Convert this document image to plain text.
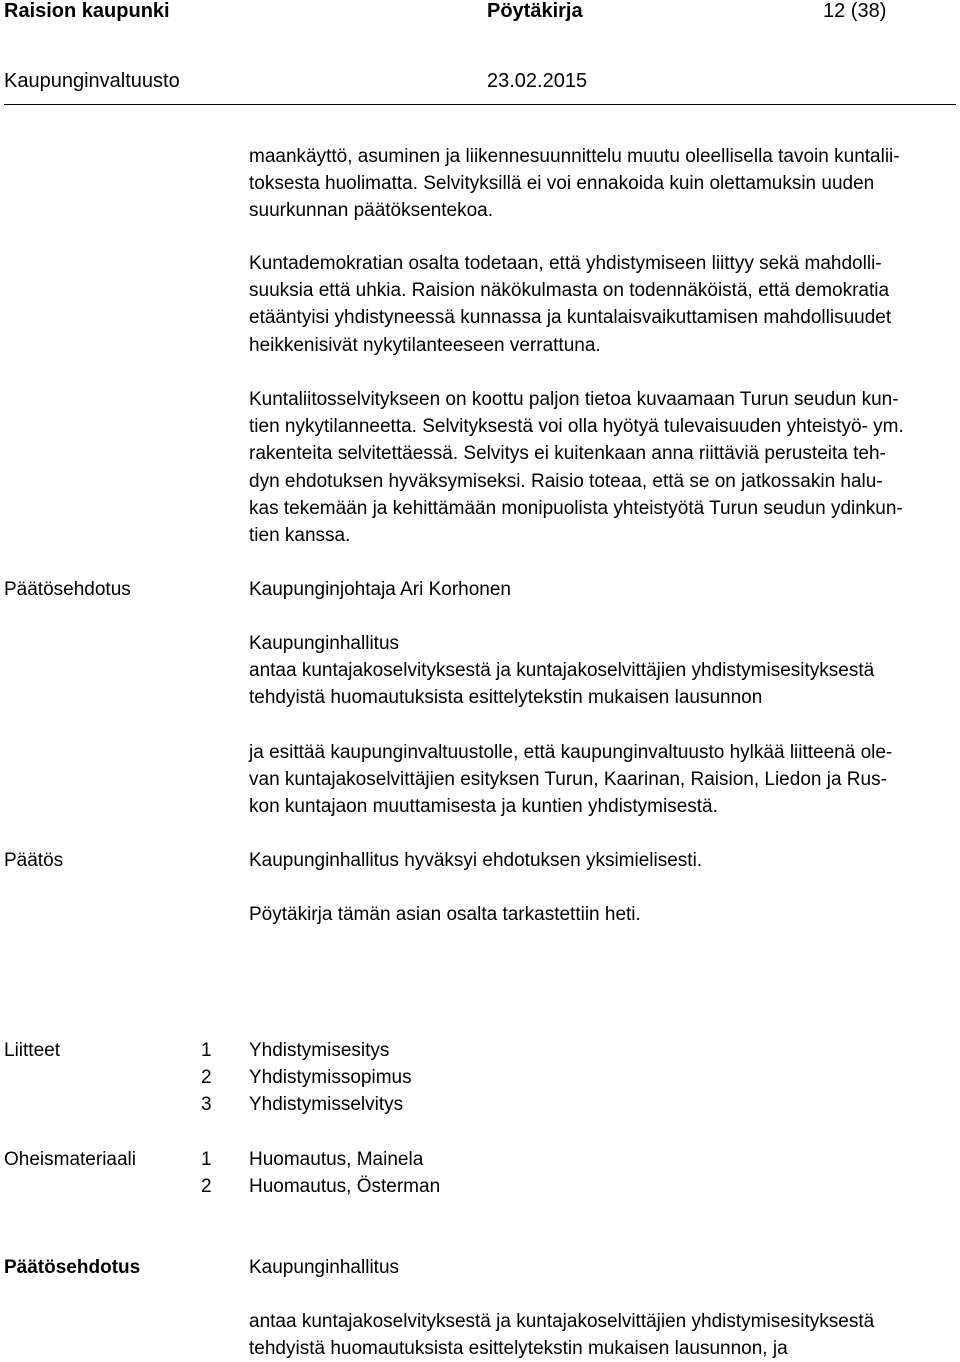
Raision kaupunki	Pöytäkirja	12 (38)
Kaupunginvaltuusto	23.02.2015
maankäyttö, asuminen ja liikennesuunnittelu muutu oleellisella tavoin kuntalii-
toksesta huolimatta. Selvityksillä ei voi ennakoida kuin olettamuksin uuden
suurkunnan päätöksentekoa.
Kuntademokratian osalta todetaan, että yhdistymiseen liittyy sekä mahdolli-
suuksia että uhkia. Raision näkökulmasta on todennäköistä, että demokratia
etääntyisi yhdistyneessä kunnassa ja kuntalaisvaikuttamisen mahdollisuudet
heikkenisivät nykytilanteeseen verrattuna.
Kuntaliitosselvitykseen on koottu paljon tietoa kuvaamaan Turun seudun kun-
tien nykytilanneetta. Selvityksestä voi olla hyötyä tulevaisuuden yhteistyö- ym.
rakenteita selvitettäessä. Selvitys ei kuitenkaan anna riittäviä perusteita teh-
dyn ehdotuksen hyväksymiseksi. Raisio toteaa, että se on jatkossakin halu-
kas tekemään ja kehittämään monipuolista yhteistyötä Turun seudun ydinkun-
tien kanssa.
Päätösehdotus	Kaupunginjohtaja Ari Korhonen
Kaupunginhallitus
antaa kuntajakoselvityksestä ja kuntajakoselvittäjien yhdistymisesityksestä
tehdyistä huomautuksista esittelytekstin mukaisen lausunnon
ja esittää kaupunginvaltuustolle, että kaupunginvaltuusto hylkää liitteenä ole-
van kuntajakoselvittäjien esityksen Turun, Kaarinan, Raision, Liedon ja Rus-
kon kuntajaon muuttamisesta ja kuntien yhdistymisestä.
Päätös	Kaupunginhallitus hyväksyi ehdotuksen yksimielisesti.
Pöytäkirja tämän asian osalta tarkastettiin heti.
Liitteet	1 Yhdistymisesitys
2 Yhdistymissopimus
3 Yhdistymisselvitys
Oheismateriaali	1 Huomautus, Mainela
2 Huomautus, Österman
Päätösehdotus	Kaupunginhallitus
antaa kuntajakoselvityksestä ja kuntajakoselvittäjien yhdistymisesityksestä
tehdyistä huomautuksista esittelytekstin mukaisen lausunnon, ja
